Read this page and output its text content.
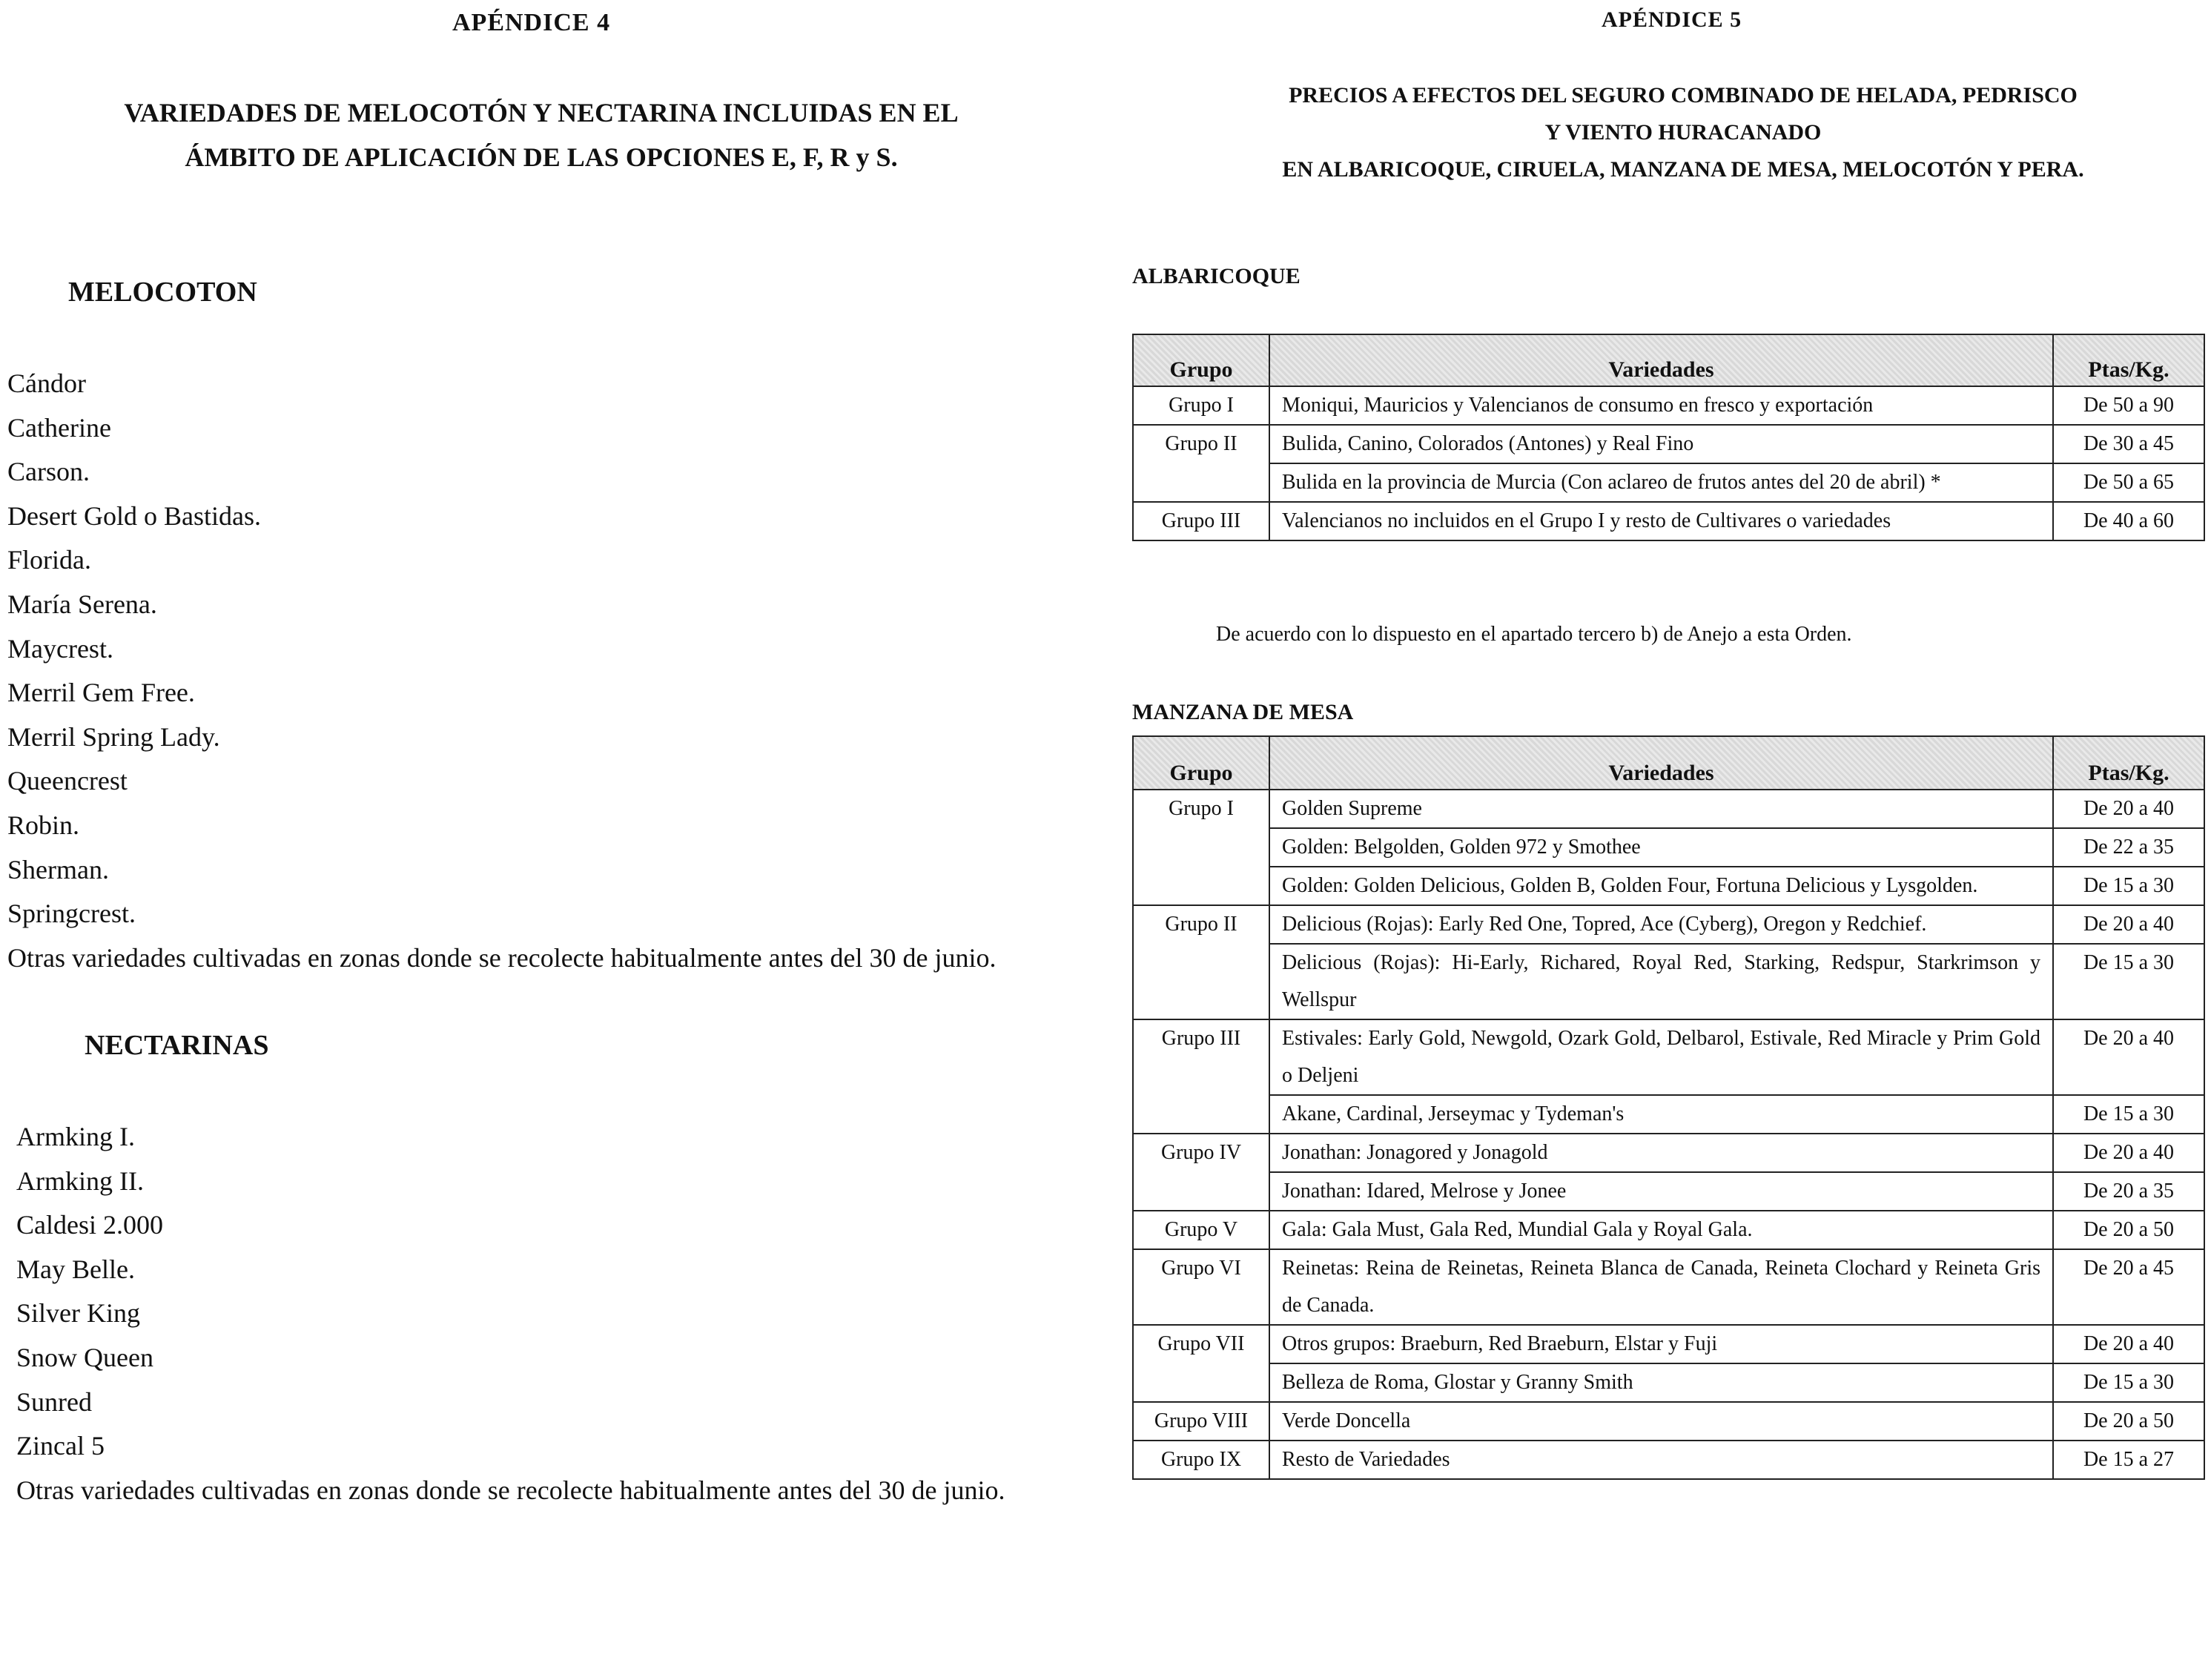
APÉNDICE 4
VARIEDADES DE MELOCOTÓN Y NECTARINA INCLUIDAS EN EL
ÁMBITO DE APLICACIÓN DE LAS OPCIONES E, F, R y S.
MELOCOTON
Cándor
Catherine
Carson.
Desert Gold o Bastidas.
Florida.
María Serena.
Maycrest.
Merril Gem Free.
Merril Spring Lady.
Queencrest
Robin.
Sherman.
Springcrest.
Otras variedades cultivadas en zonas donde se recolecte habitualmente antes del 30 de junio.
NECTARINAS
Armking I.
Armking II.
Caldesi 2.000
May Belle.
Silver King
Snow Queen
Sunred
Zincal 5
Otras variedades cultivadas en zonas donde se recolecte habitualmente antes del 30 de junio.
APÉNDICE 5
PRECIOS A EFECTOS DEL SEGURO COMBINADO DE HELADA, PEDRISCO
Y VIENTO HURACANADO
EN ALBARICOQUE, CIRUELA, MANZANA DE MESA, MELOCOTÓN Y PERA.
ALBARICOQUE
Grupo	Variedades	Ptas/Kg.
Grupo I	Moniqui, Mauricios y Valencianos de consumo en fresco y exportación	De 50 a 90
Grupo II	Bulida, Canino, Colorados (Antones) y Real Fino	De 30 a 45
	Bulida en la provincia de Murcia (Con aclareo de frutos antes del 20 de abril) *	De 50 a 65
Grupo III	Valencianos no incluidos en el Grupo I y resto de Cultivares o variedades	De 40 a 60
De acuerdo con lo dispuesto en el apartado tercero b) de Anejo a esta Orden.
MANZANA DE MESA
Grupo	Variedades	Ptas/Kg.
Grupo I	Golden Supreme	De 20 a 40
	Golden: Belgolden, Golden 972 y Smothee	De 22 a 35
	Golden: Golden Delicious, Golden B, Golden Four, Fortuna Delicious y Lysgolden.	De 15 a 30
Grupo II	Delicious (Rojas): Early Red One, Topred, Ace (Cyberg), Oregon y Redchief.	De 20 a 40
	Delicious (Rojas): Hi-Early, Richared, Royal Red, Starking, Redspur, Starkrimson y Wellspur	De 15 a 30
Grupo III	Estivales: Early Gold, Newgold, Ozark Gold, Delbarol, Estivale, Red Miracle y Prim Gold o Deljeni	De 20 a 40
	Akane, Cardinal, Jerseymac y Tydeman's	De 15 a 30
Grupo IV	Jonathan: Jonagored y Jonagold	De 20 a 40
	Jonathan: Idared, Melrose y Jonee	De 20 a 35
Grupo V	Gala: Gala Must, Gala Red, Mundial Gala y Royal Gala.	De 20 a 50
Grupo VI	Reinetas: Reina de Reinetas, Reineta Blanca de Canada, Reineta Clochard y Reineta Gris de Canada.	De 20 a 45
Grupo VII	Otros grupos: Braeburn, Red Braeburn, Elstar y Fuji	De 20 a 40
	Belleza de Roma, Glostar y Granny Smith	De 15 a 30
Grupo VIII	Verde Doncella	De 20 a 50
Grupo IX	Resto de Variedades	De 15 a 27
